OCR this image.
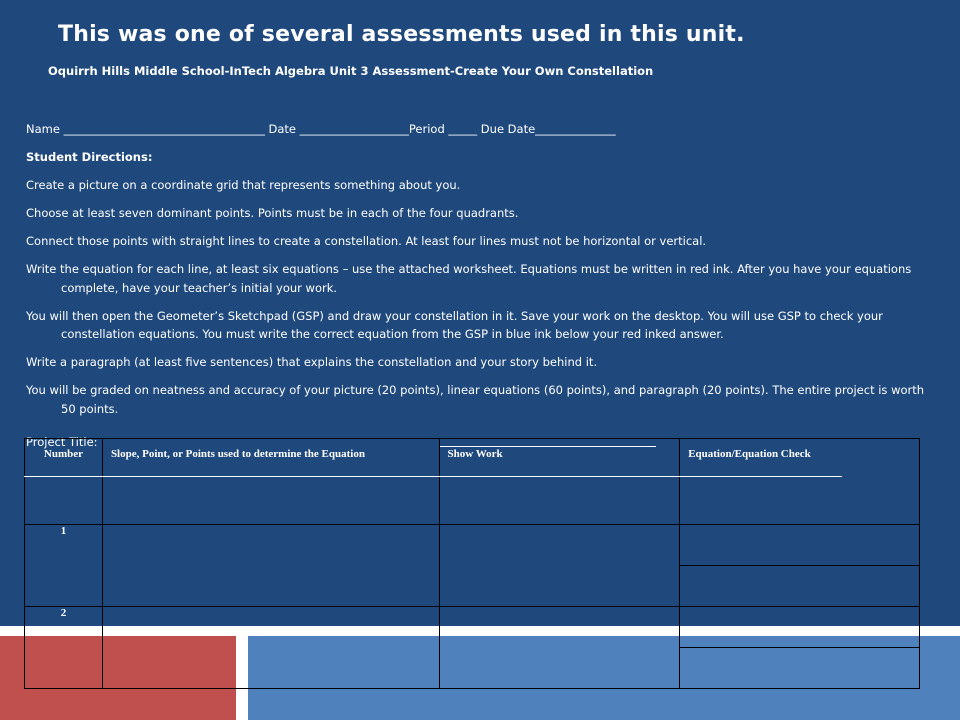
This was one of several assessments used in this unit.
Oquirrh Hills Middle School-InTech Algebra Unit 3 Assessment-Create Your Own Constellation

Name ___________________________________ Date ___________________Period _____ Due Date______________

Student Directions:

Create a picture on a coordinate grid that represents something about you.

Choose at least seven dominant points. Points must be in each of the four quadrants.

Connect those points with straight lines to create a constellation. At least four lines must not be horizontal or vertical.

Write the equation for each line, at least six equations – use the attached worksheet. Equations must be written in red ink. After you have your equations complete, have your teacher’s initial your work.

You will then open the Geometer’s Sketchpad (GSP) and draw your constellation in it. Save your work on the desktop. You will use GSP to check your constellation equations. You must write the correct equation from the GSP in blue ink below your red inked answer.

Write a paragraph (at least five sentences) that explains the constellation and your story behind it.

You will be graded on neatness and accuracy of your picture (20 points), linear equations (60 points), and paragraph (20 points). The entire project is worth 50 points.

Project Title:
Number	Slope, Point, or Points used to determine the Equation	Show Work	Equation/Equation Check
1			

2			
